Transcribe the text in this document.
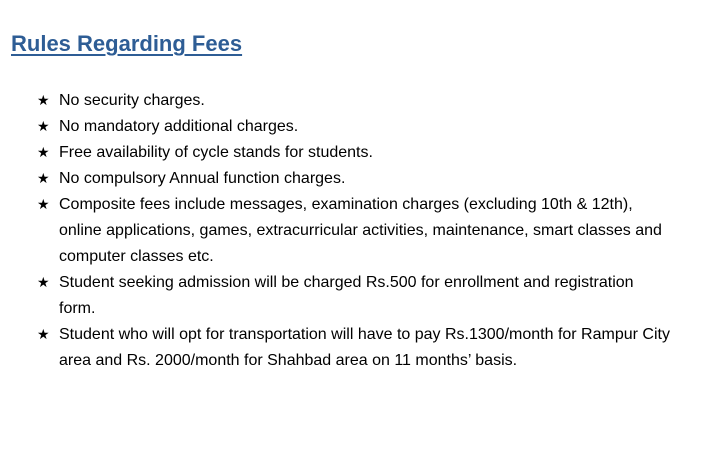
Rules Regarding Fees
★ No security charges.
★ No mandatory additional charges.
★ Free availability of cycle stands for students.
★ No compulsory Annual function charges.
★ Composite fees include messages, examination charges (excluding 10th & 12th), online applications, games, extracurricular activities, maintenance, smart classes and computer classes etc.
★ Student seeking admission will be charged Rs.500 for enrollment and registration form.
★ Student who will opt for transportation will have to pay Rs.1300/month for Rampur City area and Rs. 2000/month for Shahbad area on 11 months’ basis.
